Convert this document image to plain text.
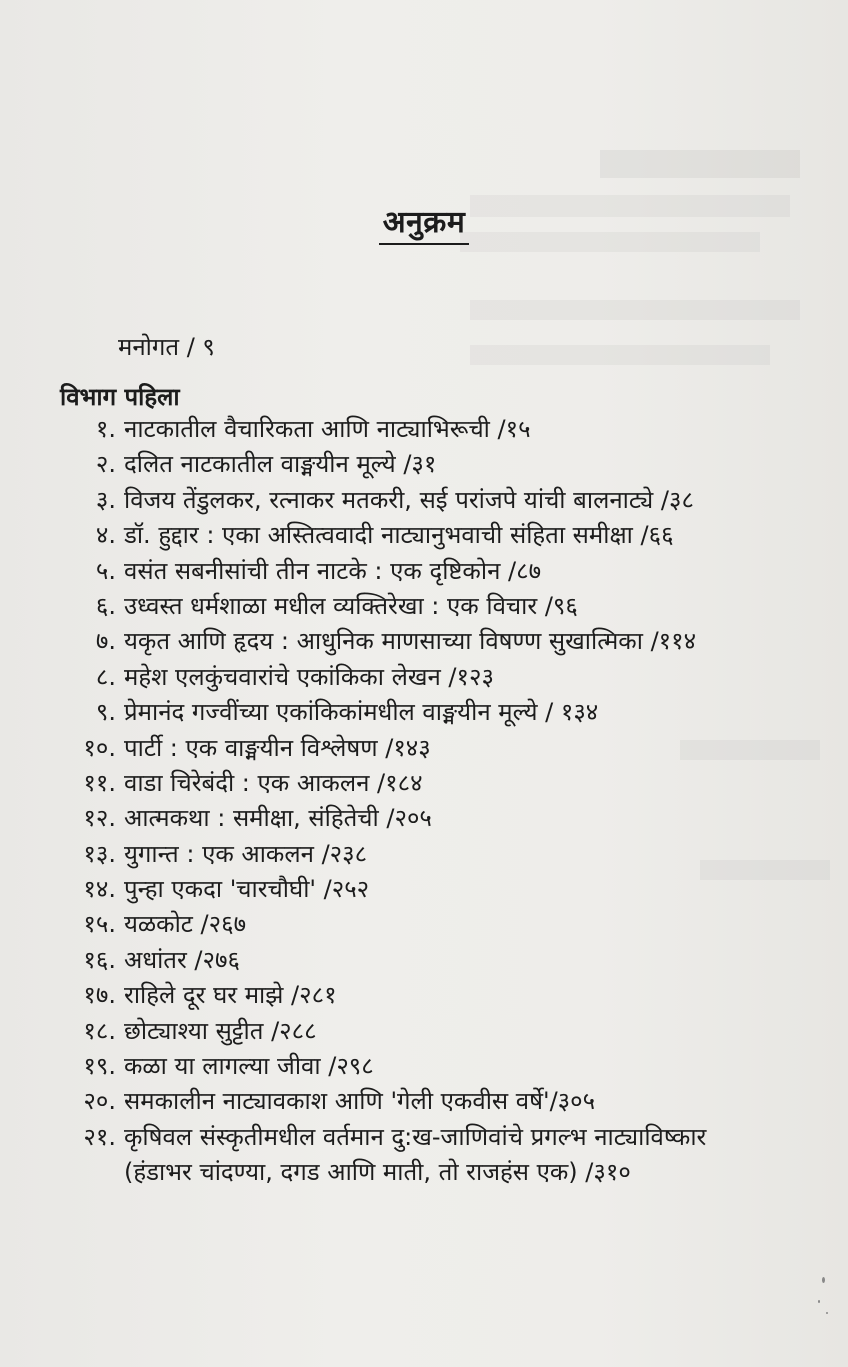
अनुक्रम
मनोगत / ९
विभाग पहिला
१. नाटकातील वैचारिकता आणि नाट्याभिरूची /१५
२. दलित नाटकातील वाङ्मयीन मूल्ये /३१
३. विजय तेंडुलकर, रत्नाकर मतकरी, सई परांजपे यांची बालनाट्ये /३८
४. डॉ. हुद्दार : एका अस्तित्ववादी नाट्यानुभवाची संहिता समीक्षा /६६
५. वसंत सबनीसांची तीन नाटके : एक दृष्टिकोन /८७
६. उध्वस्त धर्मशाळा मधील व्यक्तिरेखा : एक विचार /९६
७. यकृत आणि हृदय : आधुनिक माणसाच्या विषण्ण सुखात्मिका /११४
८. महेश एलकुंचवारांचे एकांकिका लेखन /१२३
९. प्रेमानंद गज्वींच्या एकांकिकांमधील वाङ्मयीन मूल्ये / १३४
१०. पार्टी : एक वाङ्मयीन विश्लेषण /१४३
११. वाडा चिरेबंदी : एक आकलन /१८४
१२. आत्मकथा : समीक्षा, संहितेची /२०५
१३. युगान्त : एक आकलन /२३८
१४. पुन्हा एकदा 'चारचौघी' /२५२
१५. यळकोट /२६७
१६. अधांतर /२७६
१७. राहिले दूर घर माझे /२८१
१८. छोट्याश्या सुट्टीत /२८८
१९. कळा या लागल्या जीवा /२९८
२०. समकालीन नाट्यावकाश आणि 'गेली एकवीस वर्षे'/३०५
२१. कृषिवल संस्कृतीमधील वर्तमान दु:ख-जाणिवांचे प्रगल्भ नाट्याविष्कार
(हंडाभर चांदण्या, दगड आणि माती, तो राजहंस एक) /३१०
